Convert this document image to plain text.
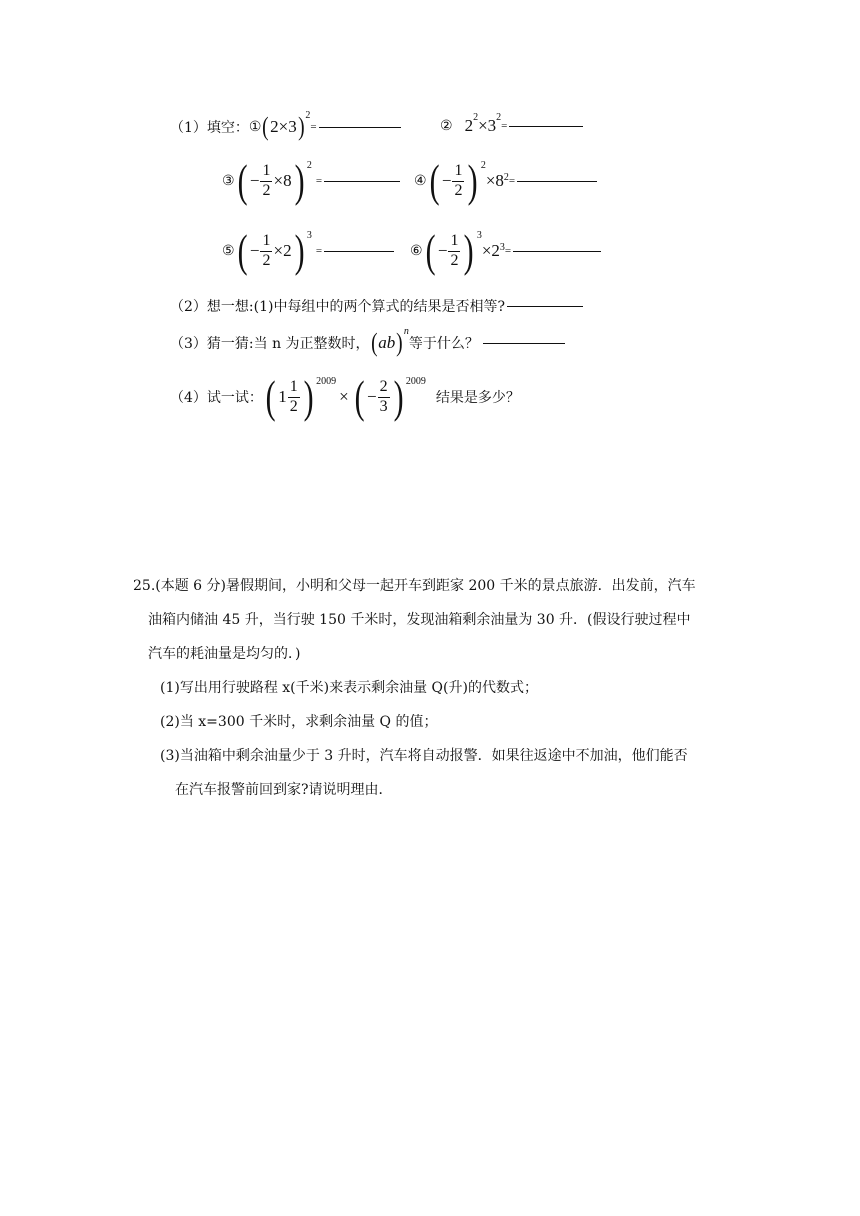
（1）填空： ① ( 2×3 ) 2
=	② 2 2 ×3 2
=
③ ( − $\frac{1}{2} \times 8$ ) 2
=	④ ( − $\frac{1}{2}$ ) 2
×8 2 =
⑤ ( − $\frac{1}{2} \times 2$ ) 3
=	⑥ ( − $\frac{1}{2}$ ) 3
×2 3 =
（2）想一想:(1)中每组中的两个算式的结果是否相等?
（3）猜一猜:当 n 为正整数时， ( ab ) n
等于什么？
（4）试一试： ( $1 \frac{1}{2}$ ) 2009
× ( − $\frac{2}{3}$ ) 2009
结果是多少？
25.(本题 6 分)暑假期间，小明和父母一起开车到距家 200 千米的景点旅游．出发前，汽车
油箱内储油 45 升，当行驶 150 千米时，发现油箱剩余油量为 30 升．(假设行驶过程中
汽车的耗油量是均匀的．)
(1)写出用行驶路程 x(千米)来表示剩余油量 Q(升)的代数式；
(2)当 x=300 千米时，求剩余油量 Q 的值；
(3)当油箱中剩余油量少于 3 升时，汽车将自动报警．如果往返途中不加油，他们能否
在汽车报警前回到家?请说明理由．
